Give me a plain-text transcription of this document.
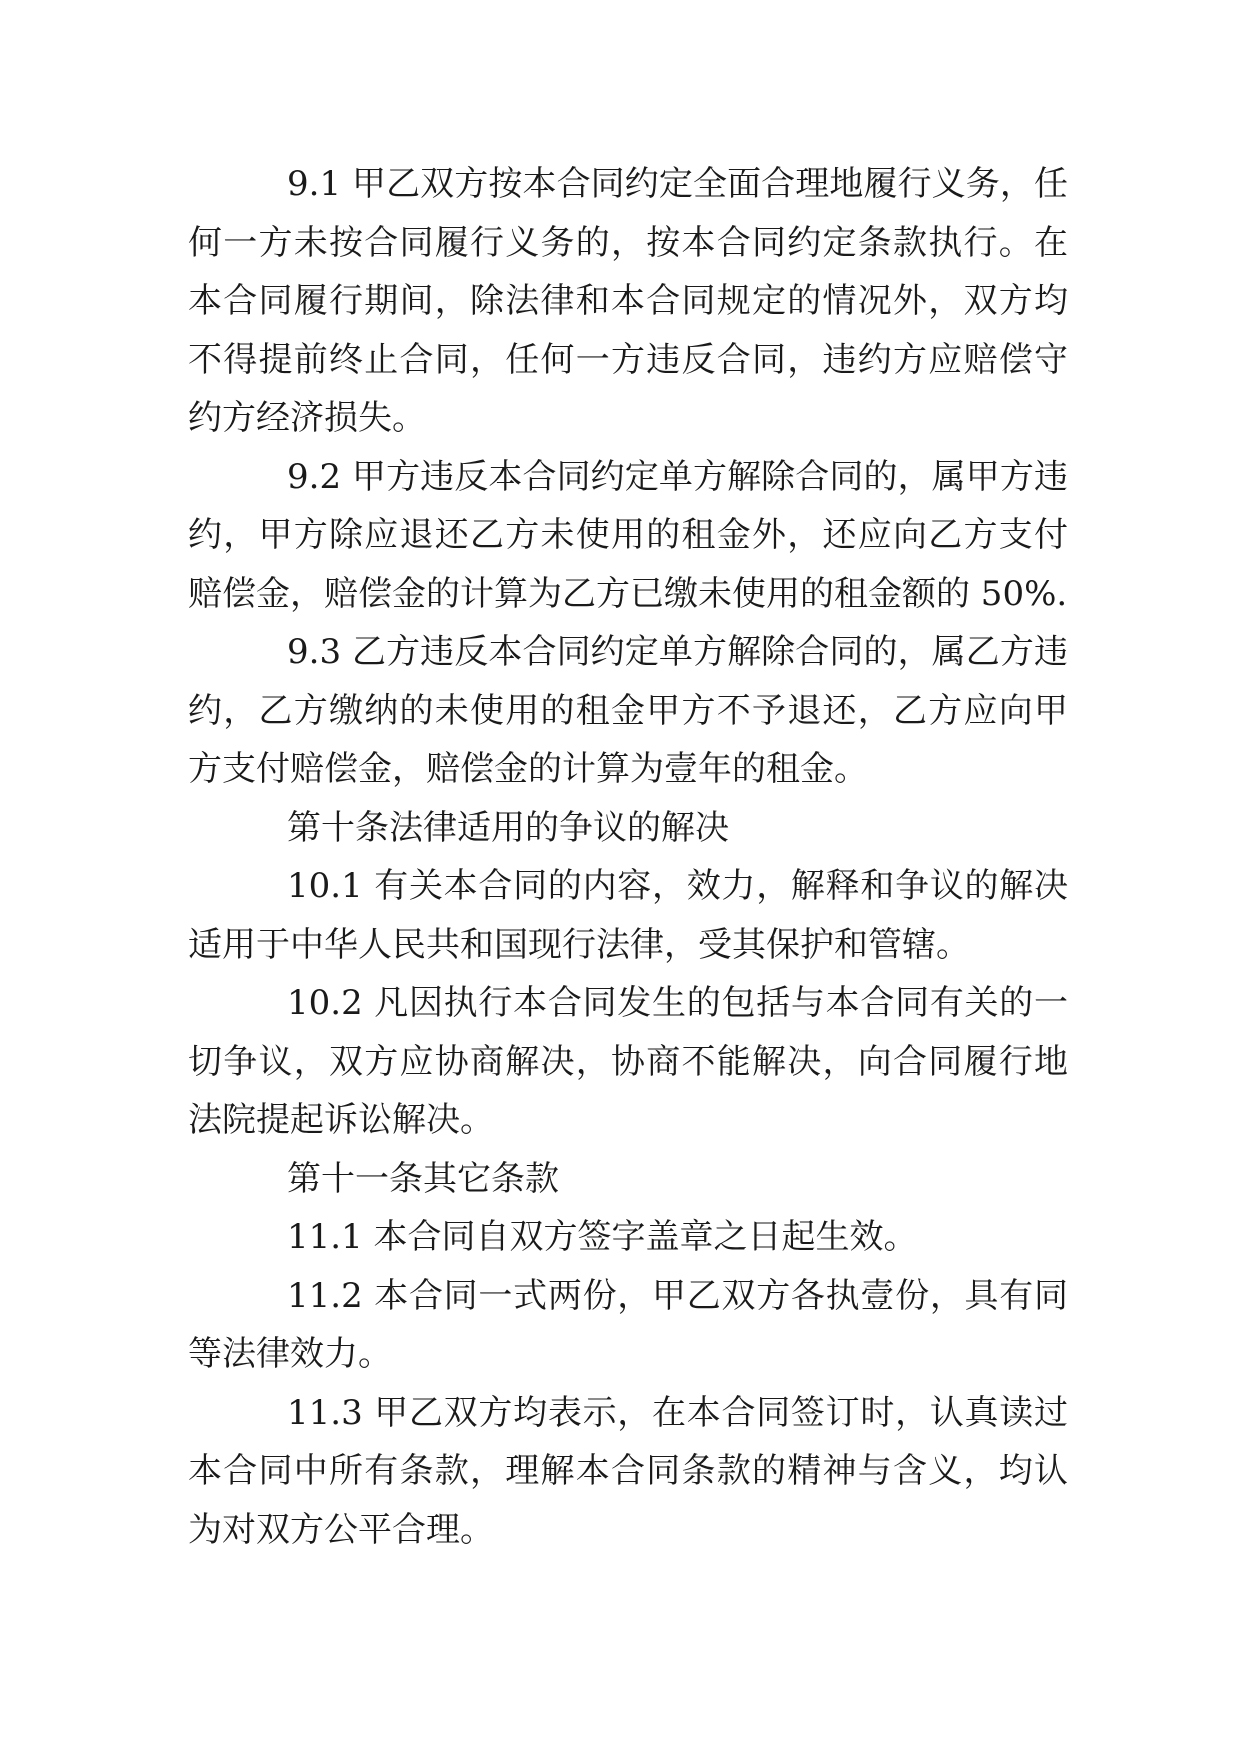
9.1 甲乙双方按本合同约定全面合理地履行义务，任何一方未按合同履行义务的，按本合同约定条款执行。在本合同履行期间，除法律和本合同规定的情况外，双方均不得提前终止合同，任何一方违反合同，违约方应赔偿守约方经济损失。

9.2 甲方违反本合同约定单方解除合同的，属甲方违约，甲方除应退还乙方未使用的租金外，还应向乙方支付赔偿金，赔偿金的计算为乙方已缴未使用的租金额的 50%.

9.3 乙方违反本合同约定单方解除合同的，属乙方违约，乙方缴纳的未使用的租金甲方不予退还，乙方应向甲方支付赔偿金，赔偿金的计算为壹年的租金。

第十条法律适用的争议的解决

10.1 有关本合同的内容，效力，解释和争议的解决适用于中华人民共和国现行法律，受其保护和管辖。

10.2 凡因执行本合同发生的包括与本合同有关的一切争议，双方应协商解决，协商不能解决，向合同履行地法院提起诉讼解决。

第十一条其它条款

11.1 本合同自双方签字盖章之日起生效。

11.2 本合同一式两份，甲乙双方各执壹份，具有同等法律效力。

11.3 甲乙双方均表示，在本合同签订时，认真读过本合同中所有条款，理解本合同条款的精神与含义，均认为对双方公平合理。
